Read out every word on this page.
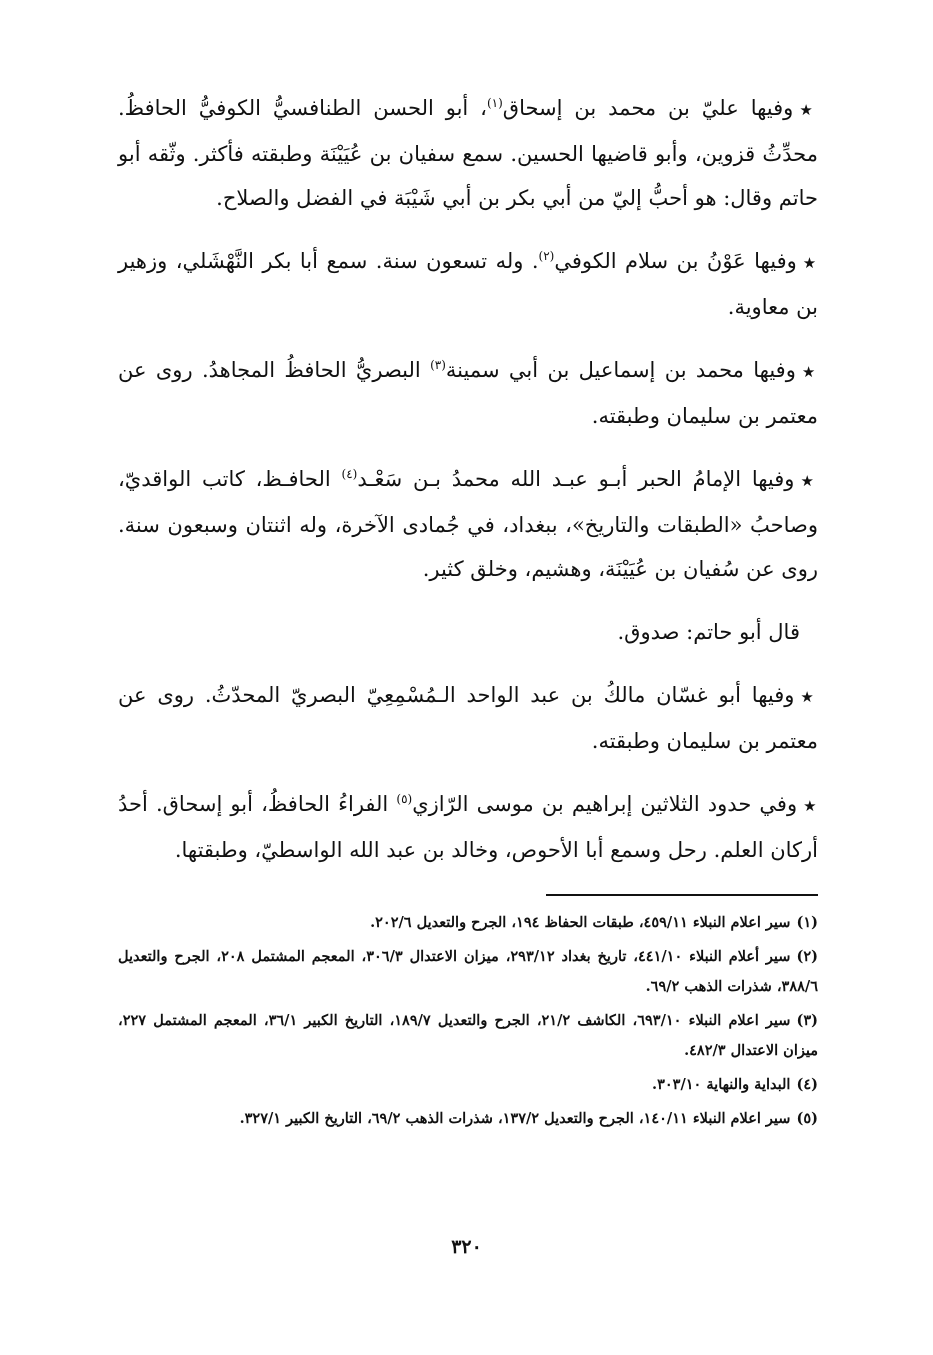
★وفيها عليّ بن محمد بن إسحاق$^{(١)}$، أبو الحسن الطنافسيُّ الكوفيُّ الحافظُ. محدِّثُ قزوين، وأبو قاضيها الحسين. سمع سفيان بن عُيَيْنَة وطبقته فأكثر. وثّقه أبو حاتم وقال: هو أحبُّ إليّ من أبي بكر بن أبي شَيْبَة في الفضل والصلاح.

★وفيها عَوْنُ بن سلام الكوفي$^{(٢)}$. وله تسعون سنة. سمع أبا بكر النَّهْشَلي، وزهير بن معاوية.

★وفيها محمد بن إسماعيل بن أبي سمينة$^{(٣)}$ البصريُّ الحافظُ المجاهدُ. روى عن معتمر بن سليمان وطبقته.

★وفيها الإمامُ الحبر أبـو عبـد الله محمدُ بـن سَعْـد$^{(٤)}$ الحافـظ، كاتب الواقديّ، وصاحبُ «الطبقات والتاريخ»، ببغداد، في جُمادى الآخرة، وله اثنتان وسبعون سنة. روى عن سُفيان بن عُيَيْنَة، وهشيم، وخلق كثير.

قال أبو حاتم: صدوق.

★وفيها أبو غسّان مالكُ بن عبد الواحد الـمُسْمِعِيّ البصريّ المحدّثُ. روى عن معتمر بن سليمان وطبقته.

★وفي حدود الثلاثين إبراهيم بن موسى الرّازي$^{(٥)}$ الفراءُ الحافظُ، أبو إسحاق. أحدُ أركان العلم. رحل وسمع أبا الأحوص، وخالد بن عبد الله الواسطيّ، وطبقتها.

(١)سير اعلام النبلاء ٤٥٩/١١، طبقات الحفاظ ١٩٤، الجرح والتعديل ٢٠٢/٦.
(٢)سير أعلام النبلاء ٤٤١/١٠، تاريخ بغداد ٢٩٣/١٢، ميزان الاعتدال ٣٠٦/٣، المعجم المشتمل ٢٠٨، الجرح والتعديل ٣٨٨/٦، شذرات الذهب ٦٩/٢.
(٣)سير اعلام النبلاء ٦٩٣/١٠، الكاشف ٢١/٢، الجرح والتعديل ١٨٩/٧، التاريخ الكبير ٣٦/١، المعجم المشتمل ٢٢٧، ميزان الاعتدال ٤٨٢/٣.
(٤)البداية والنهاية ٣٠٣/١٠.
(٥)سير اعلام النبلاء ١٤٠/١١، الجرح والتعديل ١٣٧/٢، شذرات الذهب ٦٩/٢، التاريخ الكبير ٣٢٧/١.
٣٢٠
